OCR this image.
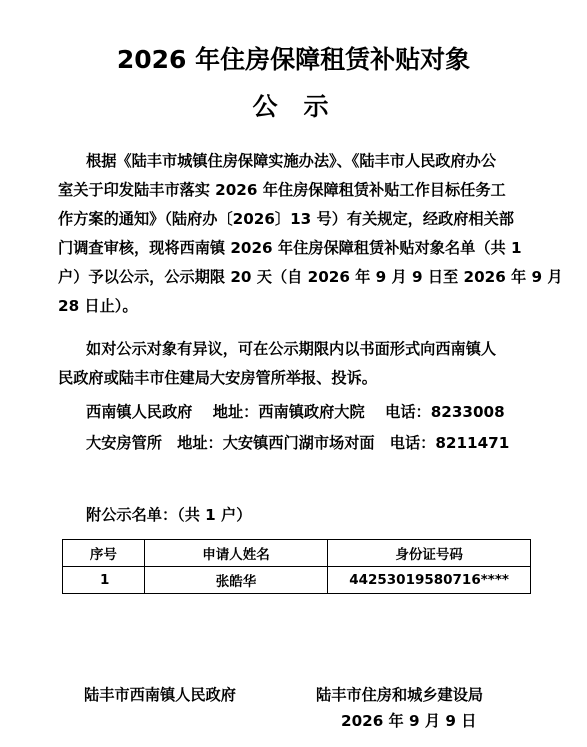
2026 年住房保障租赁补贴对象
公示
根据《陆丰市城镇住房保障实施办法》、《陆丰市人民政府办公
室关于印发陆丰市落实 2026 年住房保障租赁补贴工作目标任务工
作方案的通知》（陆府办〔2026〕13 号）有关规定，经政府相关部
门调查审核，现将西南镇 2026 年住房保障租赁补贴对象名单（共 1
户）予以公示，公示期限 20 天（自 2026 年 9 月 9 日至 2026 年 9 月
28 日止）。
如对公示对象有异议，可在公示期限内以书面形式向西南镇人
民政府或陆丰市住建局大安房管所举报、投诉。
西南镇人民政府　 地址：西南镇政府大院　 电话：8233008
大安房管所　地址：大安镇西门湖市场对面　电话：8211471
附公示名单：（共 1 户）
序号	申请人姓名	身份证号码
1	张皓华	44253019580716****
陆丰市西南镇人民政府	陆丰市住房和城乡建设局
2026 年 9 月 9 日
